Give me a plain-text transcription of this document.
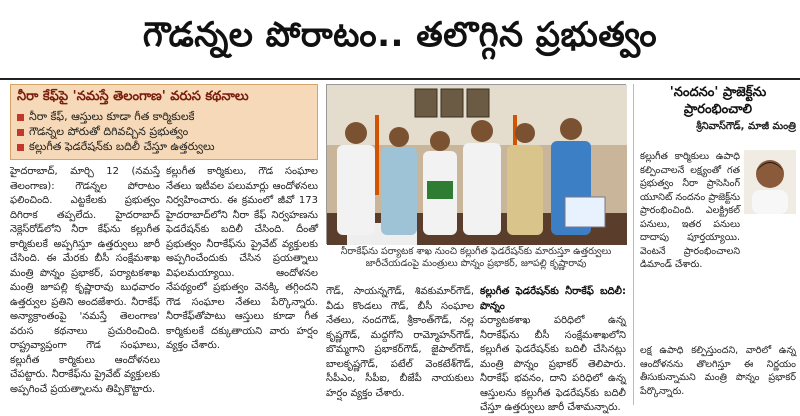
గౌడన్నల పోరాటం.. తలొగ్గిన ప్రభుత్వం
నీరా కేఫ్‌పై 'నమస్తే తెలంగాణ' వరుస కథనాలు
నీరా కేఫ్, ఆస్తులు కూడా గీత కార్మికులకే
గౌడన్నల పోరుతో దిగివచ్చిన ప్రభుత్వం
కల్లుగీత ఫెడరేషన్‌కు బదిలీ చేస్తూ ఉత్తర్వులు
నీరాకేఫ్‌ను పర్యాటక శాఖ నుంచి కల్లుగీత ఫెడరేషన్‌కు మారుస్తూ ఉత్తర్వులు జారీచేయడంపై మంత్రులు పొన్నం ప్రభాకర్, జూపల్లి కృష్ణారావు
హైదరాబాద్, మార్చి 12 (నమస్తే తెలంగాణ): గౌడన్నల పోరాటం ఫలించింది. ఎట్టకేలకు ప్రభుత్వం దిగిరాక తప్పలేదు. హైదరాబాద్ నెక్లెస్‌రోడ్‌లోని నీరా కేఫ్‌ను కల్లుగీత కార్మికులకే అప్పగిస్తూ ఉత్తర్వులు జారీ చేసింది. ఈ మేరకు బీసీ సంక్షేమశాఖ మంత్రి పొన్నం ప్రభాకర్, పర్యాటకశాఖ మంత్రి జూపల్లి కృష్ణారావు బుధవారం ఉత్తర్వుల ప్రతిని అందజేశారు. నీరాకేఫ్ అన్యాక్రాంతంపై 'నమస్తే తెలంగాణ' వరుస కథనాలు ప్రచురించింది. రాష్ట్రవ్యాప్తంగా గౌడ సంఘాలు, కల్లుగీత కార్మికులు ఆందోళనలు చేపట్టారు. నీరాకేఫ్‌ను ప్రైవేట్ వ్యక్తులకు అప్పగించే ప్రయత్నాలను తిప్పికొట్టారు.
కల్లుగీత కార్మికులు, గౌడ సంఘాల నేతలు ఇటీవల పలుమార్లు ఆందోళనలు నిర్వహించారు. ఈ క్రమంలో జీవో 173 హైదరాబాద్‌లోని నీరా కేఫ్ నిర్వహణను ఫెడరేషన్‌కు బదిలీ చేసింది. దీంతో ప్రభుత్వం నీరాకేఫ్‌ను ప్రైవేట్ వ్యక్తులకు అప్పగించేందుకు చేసిన ప్రయత్నాలు విఫలమయ్యాయి. ఆందోళనల నేపథ్యంలో ప్రభుత్వం వెనక్కి తగ్గిందని గౌడ సంఘాల నేతలు పేర్కొన్నారు. నీరాకేఫ్‌తోపాటు ఆస్తులు కూడా గీత కార్మికులకే దక్కుతాయని వారు హర్షం వ్యక్తం చేశారు.
గౌడ్, సాయన్నగౌడ్, శివకుమార్‌గౌడ్, వీడు కొండలు గౌడ్, బీసీ సంఘాల నేతలు, నందగౌడ్, శ్రీకాంత్‌గౌడ్, నల్ల కృష్ణగౌడ్, మద్దగోని రామ్మోహన్‌గౌడ్, బొమ్మగాని ప్రభాకర్‌గౌడ్, జైపాల్‌గౌడ్, బాలకృష్ణగౌడ్, పటేల్ వెంకటేశ్‌గౌడ్, సీపీఎం, సీపీఐ, బీజేపీ నాయకులు హర్షం వ్యక్తం చేశారు.
కల్లుగీత ఫెడరేషన్‌కు నీరాకేఫ్ బదిలీ: పొన్నం
పర్యాటకశాఖ పరిధిలో ఉన్న నీరాకేఫ్‌ను బీసీ సంక్షేమశాఖలోని కల్లుగీత ఫెడరేషన్‌కు బదిలీ చేసినట్లు మంత్రి పొన్నం ప్రభాకర్ తెలిపారు. నీరాకేఫ్ భవనం, దాని పరిధిలో ఉన్న ఆస్తులను కల్లుగీత ఫెడరేషన్‌కు బదిలీ చేస్తూ ఉత్తర్వులు జారీ చేశామన్నారు.
'నందనం' ప్రాజెక్ట్‌ను ప్రారంభించాలి
శ్రీనివాస్‌గౌడ్, మాజీ మంత్రి
కల్లుగీత కార్మికులు ఉపాధి కల్పించాలనే లక్ష్యంతో గత ప్రభుత్వం నీరా ప్రాసెసింగ్ యూనిట్ నందనం ప్రాజెక్ట్‌ను ప్రారంభించింది. ఎలక్ట్రికల్ పనులు, ఇతర పనులు దాదాపు పూర్తయ్యాయి. వెంటనే ప్రారంభించాలని డిమాండ్ చేశారు.
లక్ష ఉపాధి కల్పిస్తుందని, వారిలో ఉన్న ఆందోళనను తొలగిస్తూ ఈ నిర్ణయం తీసుకున్నామని మంత్రి పొన్నం ప్రభాకర్ పేర్కొన్నారు.
